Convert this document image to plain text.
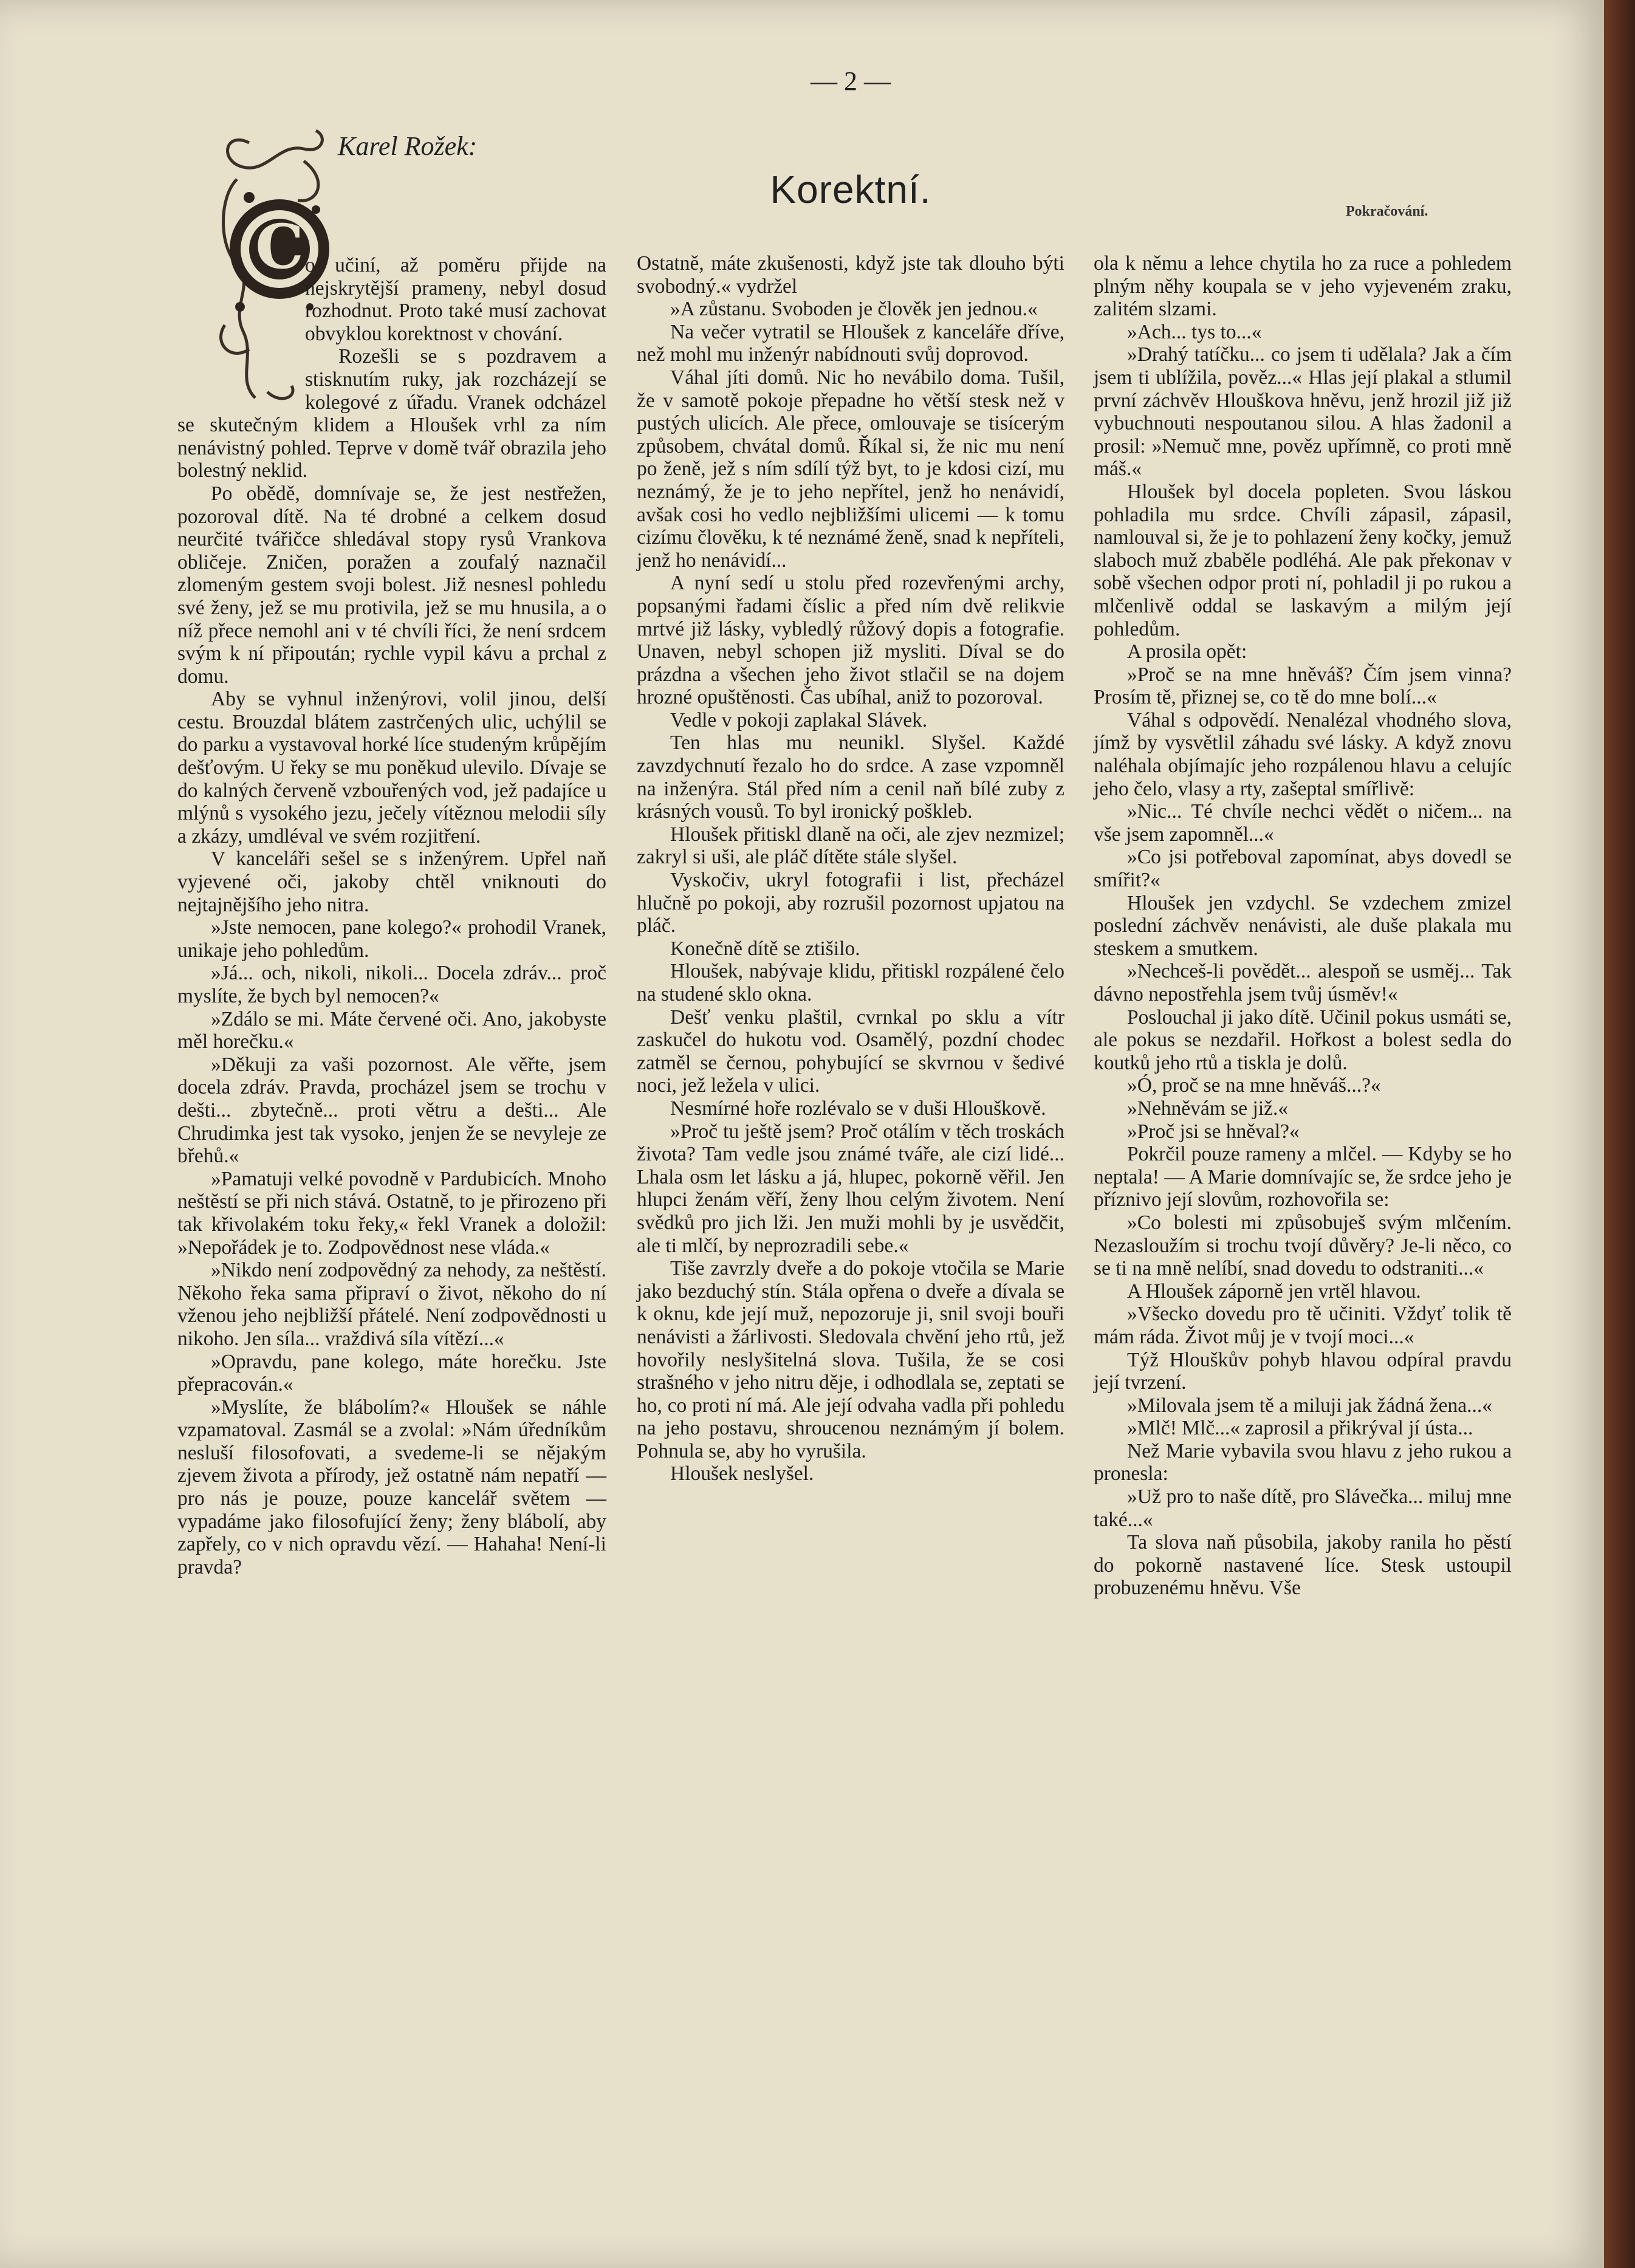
— 2 —
C
Karel Rožek:
Korektní.	Pokračování.

o učiní, až poměru přijde na nejskrytější prameny, nebyl dosud rozhodnut. Proto také musí zachovat obvyklou korektnost v chování.

Rozešli se s pozdravem a stisknutím ruky, jak rozcházejí se kolegové z úřadu. Vranek odcházel se skutečným klidem a Hloušek vrhl za ním nenávistný pohled. Teprve v domě tvář obrazila jeho bolestný neklid.

Po obědě, domnívaje se, že jest nestřežen, pozoroval dítě. Na té drobné a celkem dosud neurčité tvářičce shledával stopy rysů Vrankova obličeje. Zničen, poražen a zoufalý naznačil zlomeným gestem svoji bolest. Již nesnesl pohledu své ženy, jež se mu protivila, jež se mu hnusila, a o níž přece nemohl ani v té chvíli říci, že není srdcem svým k ní připoután; rychle vypil kávu a prchal z domu.

Aby se vyhnul inženýrovi, volil jinou, delší cestu. Brouzdal blátem zastrčených ulic, uchýlil se do parku a vystavoval horké líce studeným krůpějím dešťovým. U řeky se mu poněkud ulevilo. Dívaje se do kalných červeně vzbouřených vod, jež padajíce u mlýnů s vysokého jezu, ječely vítěznou melodii síly a zkázy, umdléval ve svém rozjitření.

V kanceláři sešel se s inženýrem. Upřel naň vyjevené oči, jakoby chtěl vniknouti do nejtajnějšího jeho nitra.

»Jste nemocen, pane kolego?« prohodil Vranek, unikaje jeho pohledům.

»Já... och, nikoli, nikoli... Docela zdráv... proč myslíte, že bych byl nemocen?«

»Zdálo se mi. Máte červené oči. Ano, jakobyste měl horečku.«

»Děkuji za vaši pozornost. Ale věřte, jsem docela zdráv. Pravda, procházel jsem se trochu v dešti... zbytečně... proti větru a dešti... Ale Chrudimka jest tak vysoko, jenjen že se nevyleje ze břehů.«

»Pamatuji velké povodně v Pardubicích. Mnoho neštěstí se při nich stává. Ostatně, to je přirozeno při tak křivolakém toku řeky,« řekl Vranek a doložil: »Nepořádek je to. Zodpovědnost nese vláda.«

»Nikdo není zodpovědný za nehody, za neštěstí. Někoho řeka sama připraví o život, někoho do ní vženou jeho nejbližší přátelé. Není zodpovědnosti u nikoho. Jen síla... vraždivá síla vítězí...«

»Opravdu, pane kolego, máte horečku. Jste přepracován.«

»Myslíte, že blábolím?« Hloušek se náhle vzpamatoval. Zasmál se a zvolal: »Nám úředníkům nesluší filosofovati, a svedeme-li se nějakým zjevem života a přírody, jež ostatně nám nepatří — pro nás je pouze, pouze kancelář světem — vypadáme jako filosofující ženy; ženy blábolí, aby zapřely, co v nich opravdu vězí. — Hahaha! Není-li pravda?

Ostatně, máte zkušenosti, když jste tak dlouho býti svobodný.« vydržel

»A zůstanu. Svoboden je člověk jen jednou.«

Na večer vytratil se Hloušek z kanceláře dříve, než mohl mu inženýr nabídnouti svůj doprovod.

Váhal jíti domů. Nic ho nevábilo doma. Tušil, že v samotě pokoje přepadne ho větší stesk než v pustých ulicích. Ale přece, omlouvaje se tisícerým způsobem, chvátal domů. Říkal si, že nic mu není po ženě, jež s ním sdílí týž byt, to je kdosi cizí, mu neznámý, že je to jeho nepřítel, jenž ho nenávidí, avšak cosi ho vedlo nejbližšími ulicemi — k tomu cizímu člověku, k té neznámé ženě, snad k nepříteli, jenž ho nenávidí...

A nyní sedí u stolu před rozevřenými archy, popsanými řadami číslic a před ním dvě relikvie mrtvé již lásky, vybledlý růžový dopis a fotografie. Unaven, nebyl schopen již mysliti. Díval se do prázdna a všechen jeho život stlačil se na dojem hrozné opuštěnosti. Čas ubíhal, aniž to pozoroval.

Vedle v pokoji zaplakal Slávek.

Ten hlas mu neunikl. Slyšel. Každé zavzdychnutí řezalo ho do srdce. A zase vzpomněl na inženýra. Stál před ním a cenil naň bílé zuby z krásných vousů. To byl ironický pošklеb.

Hloušek přitiskl dlaně na oči, ale zjev nezmizel; zakryl si uši, ale pláč dítěte stále slyšel.

Vyskočiv, ukryl fotografii i list, přecházel hlučně po pokoji, aby rozrušil pozornost upjatou na pláč.

Konečně dítě se ztišilo.

Hloušek, nabývaje klidu, přitiskl rozpálené čelo na studené sklo okna.

Dešť venku plaštil, cvrnkal po sklu a vítr zaskučel do hukotu vod. Osamělý, pozdní chodec zatměl se černou, pohybující se skvrnou v šedivé noci, jež ležela v ulici.

Nesmírné hoře rozlévalo se v duši Hlouškově.

»Proč tu ještě jsem? Proč otálím v těch troskách života? Tam vedle jsou známé tváře, ale cizí lidé... Lhala osm let lásku a já, hlupec, pokorně věřil. Jen hlupci ženám věří, ženy lhou celým životem. Není svědků pro jich lži. Jen muži mohli by je usvědčit, ale ti mlčí, by neprozradili sebe.«

Tiše zavrzly dveře a do pokoje vtočila se Marie jako bezduchý stín. Stála opřena o dveře a dívala se k oknu, kde její muž, nepozoruje ji, snil svoji bouři nenávisti a žárlivosti. Sledovala chvění jeho rtů, jež hovořily neslyšitelná slova. Tušila, že se cosi strašného v jeho nitru děje, i odhodlala se, zeptati se ho, co proti ní má. Ale její odvaha vadla při pohledu na jeho postavu, shroucenou neznámým jí bolem. Pohnula se, aby ho vyrušila.

Hloušek neslyšel.

ola k němu a lehce chytila ho za ruce a pohledem plným něhy koupala se v jeho vyjeveném zraku, zalitém slzami.

»Ach... tys to...«

»Drahý tatíčku... co jsem ti udělala? Jak a čím jsem ti ublížila, pověz...« Hlas její plakal a stlumil první záchvěv Hlouškova hněvu, jenž hrozil již již vybuchnouti nespoutanou silou. A hlas žadonil a prosil: »Nemuč mne, pověz upřímně, co proti mně máš.«

Hloušek byl docela popleten. Svou láskou pohladila mu srdce. Chvíli zápasil, zápasil, namlouval si, že je to pohlazení ženy kočky, jemuž slaboch muž zbaběle podléhá. Ale pak překonav v sobě všechen odpor proti ní, pohladil ji po rukou a mlčenlivě oddal se laskavým a milým její pohledům.

A prosila opět:

»Proč se na mne hněváš? Čím jsem vinna? Prosím tě, přiznej se, co tě do mne bolí...«

Váhal s odpovědí. Nenalézal vhodného slova, jímž by vysvětlil záhadu své lásky. A když znovu naléhala objímajíc jeho rozpálenou hlavu a celujíc jeho čelo, vlasy a rty, zašeptal smířlivě:

»Nic... Té chvíle nechci vědět o ničem... na vše jsem zapomněl...«

»Co jsi potřeboval zapomínat, abys dovedl se smířit?«

Hloušek jen vzdychl. Se vzdechem zmizel poslední záchvěv nenávisti, ale duše plakala mu steskem a smutkem.

»Nechceš-li povědět... alespoň se usměj... Tak dávno nepostřehla jsem tvůj úsměv!«

Poslouchal ji jako dítě. Učinil pokus usmáti se, ale pokus se nezdařil. Hořkost a bolest sedla do koutků jeho rtů a tiskla je dolů.

»Ó, proč se na mne hněváš...?«

»Nehněvám se již.«

»Proč jsi se hněval?«

Pokrčil pouze rameny a mlčel. — Kdyby se ho neptala! — A Marie domnívajíc se, že srdce jeho je příznivo její slovům, rozhovořila se:

»Co bolesti mi způsobuješ svým mlčením. Nezasloužím si trochu tvojí důvěry? Je-li něco, co se ti na mně nelíbí, snad dovedu to odstraniti...«

A Hloušek záporně jen vrtěl hlavou.

»Všecko dovedu pro tě učiniti. Vždyť tolik tě mám ráda. Život můj je v tvojí moci...«

Týž Hlouškův pohyb hlavou odpíral pravdu její tvrzení.

»Milovala jsem tě a miluji jak žádná žena...«

»Mlč! Mlč...« zaprosil a přikrýval jí ústa...

Než Marie vybavila svou hlavu z jeho rukou a pronesla:

»Už pro to naše dítě, pro Slávečka... miluj mne také...«

Ta slova naň působila, jakoby ranila ho pěstí do pokorně nastavené líce. Stesk ustoupil probuzenému hněvu. Vše
